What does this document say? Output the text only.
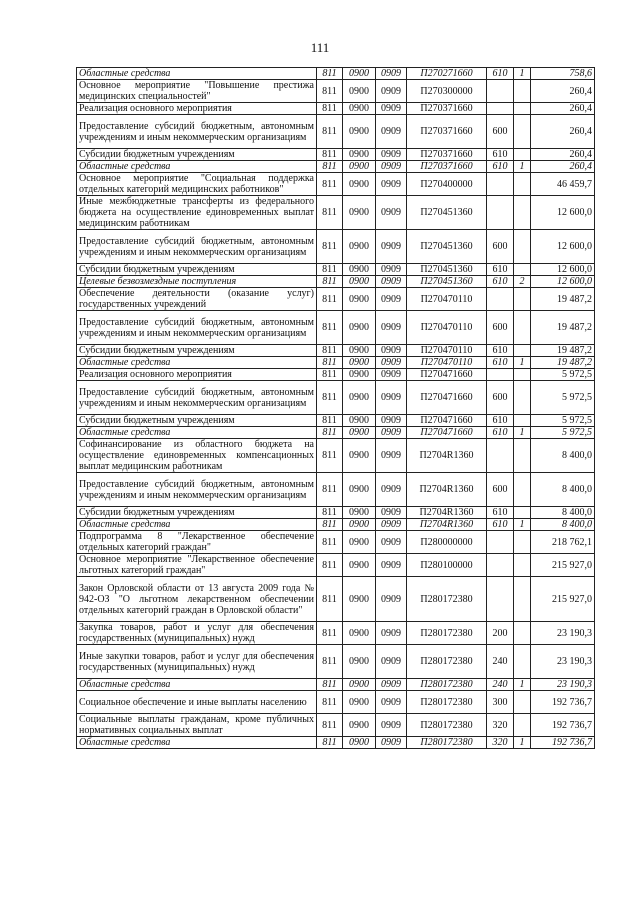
111
Областные средства	811	0900	0909	П270271660	610	1	758,6
Основное мероприятие "Повышение престижа медицинских специальностей"	811	0900	0909	П270300000			260,4
Реализация основного мероприятия	811	0900	0909	П270371660			260,4
Предоставление субсидий бюджетным, автономным учреждениям и иным некоммерческим организациям	811	0900	0909	П270371660	600		260,4
Субсидии бюджетным учреждениям	811	0900	0909	П270371660	610		260,4
Областные средства	811	0900	0909	П270371660	610	1	260,4
Основное мероприятие "Социальная поддержка отдельных категорий медицинских работников"	811	0900	0909	П270400000			46 459,7
Иные межбюджетные трансферты из федерального бюджета на осуществление единовременных выплат медицинским работникам	811	0900	0909	П270451360			12 600,0
Предоставление субсидий бюджетным, автономным учреждениям и иным некоммерческим организациям	811	0900	0909	П270451360	600		12 600,0
Субсидии бюджетным учреждениям	811	0900	0909	П270451360	610		12 600,0
Целевые безвозмездные поступления	811	0900	0909	П270451360	610	2	12 600,0
Обеспечение деятельности (оказание услуг) государственных учреждений	811	0900	0909	П270470110			19 487,2
Предоставление субсидий бюджетным, автономным учреждениям и иным некоммерческим организациям	811	0900	0909	П270470110	600		19 487,2
Субсидии бюджетным учреждениям	811	0900	0909	П270470110	610		19 487,2
Областные средства	811	0900	0909	П270470110	610	1	19 487,2
Реализация основного мероприятия	811	0900	0909	П270471660			5 972,5
Предоставление субсидий бюджетным, автономным учреждениям и иным некоммерческим организациям	811	0900	0909	П270471660	600		5 972,5
Субсидии бюджетным учреждениям	811	0900	0909	П270471660	610		5 972,5
Областные средства	811	0900	0909	П270471660	610	1	5 972,5
Софинансирование из областного бюджета на осуществление единовременных компенсационных выплат медицинским работникам	811	0900	0909	П2704R1360			8 400,0
Предоставление субсидий бюджетным, автономным учреждениям и иным некоммерческим организациям	811	0900	0909	П2704R1360	600		8 400,0
Субсидии бюджетным учреждениям	811	0900	0909	П2704R1360	610		8 400,0
Областные средства	811	0900	0909	П2704R1360	610	1	8 400,0
Подпрограмма 8 "Лекарственное обеспечение отдельных категорий граждан"	811	0900	0909	П280000000			218 762,1
Основное мероприятие "Лекарственное обеспечение льготных категорий граждан"	811	0900	0909	П280100000			215 927,0
Закон Орловской области от 13 августа 2009 года № 942-ОЗ "О льготном лекарственном обеспечении отдельных категорий граждан в Орловской области"	811	0900	0909	П280172380			215 927,0
Закупка товаров, работ и услуг для обеспечения государственных (муниципальных) нужд	811	0900	0909	П280172380	200		23 190,3
Иные закупки товаров, работ и услуг для обеспечения государственных (муниципальных) нужд	811	0900	0909	П280172380	240		23 190,3
Областные средства	811	0900	0909	П280172380	240	1	23 190,3
Социальное обеспечение и иные выплаты населению	811	0900	0909	П280172380	300		192 736,7
Социальные выплаты гражданам, кроме публичных нормативных социальных выплат	811	0900	0909	П280172380	320		192 736,7
Областные средства	811	0900	0909	П280172380	320	1	192 736,7
